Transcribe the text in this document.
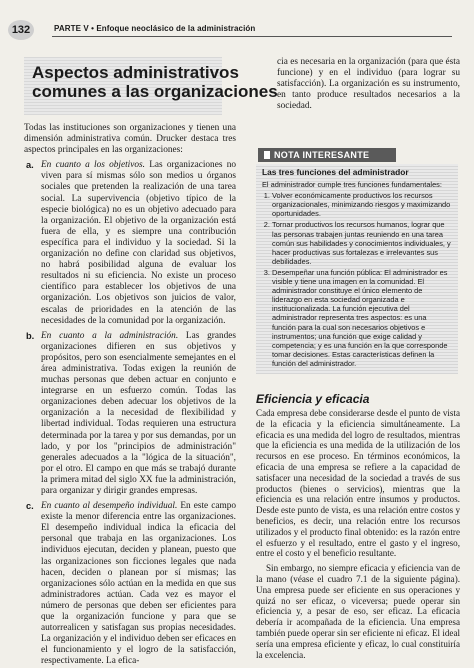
132	PARTE V • Enfoque neoclásico de la administración
Aspectos administrativos
comunes a las organizaciones

Todas las instituciones son organizaciones y tienen una dimensión administrativa común. Drucker destaca tres aspectos principales en las organizaciones:

a. En cuanto a los objetivos. Las organizaciones no viven para sí mismas sólo son medios u órganos sociales que pretenden la realización de una tarea social. La supervivencia (objetivo típico de la especie biológica) no es un objetivo adecuado para la organización. El objetivo de la organización está fuera de ella, y es siempre una contribución específica para el individuo y la sociedad. Si la organización no define con claridad sus objetivos, no habrá posibilidad alguna de evaluar los resultados ni su eficiencia. No existe un proceso científico para establecer los objetivos de una organización. Los objetivos son juicios de valor, escalas de prioridades en la atención de las necesidades de la comunidad por la organización.
b. En cuanto a la administración. Las grandes organizaciones difieren en sus objetivos y propósitos, pero son esencialmente semejantes en el área administrativa. Todas exigen la reunión de muchas personas que deben actuar en conjunto e integrarse en un esfuerzo común. Todas las organizaciones deben adecuar los objetivos de la organización a la necesidad de flexibilidad y libertad individual. Todas requieren una estructura determinada por la tarea y por sus demandas, por un lado, y por los "principios de administración" generales adecuados a la "lógica de la situación", por el otro. El campo en que más se trabajó durante la primera mitad del siglo XX fue la administración, para organizar y dirigir grandes empresas.
c. En cuanto al desempeño individual. En este campo existe la menor diferencia entre las organizaciones. El desempeño individual indica la eficacia del personal que trabaja en las organizaciones. Los individuos ejecutan, deciden y planean, puesto que las organizaciones son ficciones legales que nada hacen, deciden o planean por sí mismas; las organizaciones sólo actúan en la medida en que sus administradores actúan. Cada vez es mayor el número de personas que deben ser eficientes para que la organización funcione y para que se autorrealicen y satisfagan sus propias necesidades. La organización y el individuo deben ser eficaces en el funcionamiento y el logro de la satisfacción, respectivamente. La efica-
cia es necesaria en la organización (para que ésta funcione) y en el individuo (para lograr su satisfacción). La organización es su instrumento, en tanto produce resultados necesarios a la sociedad.
NOTA INTERESANTE
Las tres funciones del administrador
El administrador cumple tres funciones fundamentales:
1. Volver económicamente productivos los recursos organizacionales, minimizando riesgos y maximizando oportunidades.
2. Tornar productivos los recursos humanos, lograr que las personas trabajen juntas reuniendo en una tarea común sus habilidades y conocimientos individuales, y hacer productivas sus fortalezas e irrelevantes sus debilidades.
3. Desempeñar una función pública: El administrador es visible y tiene una imagen en la comunidad. El administrador constituye el único elemento de liderazgo en esta sociedad organizada e institucionalizada. La función ejecutiva del administrador representa tres aspectos: es una función para la cual son necesarios objetivos e instrumentos; una función que exige calidad y competencia; y es una función en la que corresponde tomar decisiones. Estas características definen la función del administrador.
Eficiencia y eficacia

Cada empresa debe considerarse desde el punto de vista de la eficacia y la eficiencia simultáneamente. La eficacia es una medida del logro de resultados, mientras que la eficiencia es una medida de la utilización de los recursos en ese proceso. En términos económicos, la eficacia de una empresa se refiere a la capacidad de satisfacer una necesidad de la sociedad a través de sus productos (bienes o servicios), mientras que la eficiencia es una relación entre insumos y productos. Desde este punto de vista, es una relación entre costos y beneficios, es decir, una relación entre los recursos utilizados y el producto final obtenido: es la razón entre el esfuerzo y el resultado, entre el gasto y el ingreso, entre el costo y el beneficio resultante.

Sin embargo, no siempre eficacia y eficiencia van de la mano (véase el cuadro 7.1 de la siguiente página). Una empresa puede ser eficiente en sus operaciones y quizá no ser eficaz, o viceversa; puede operar sin eficiencia y, a pesar de eso, ser eficaz. La eficacia debería ir acompañada de la eficiencia. Una empresa también puede operar sin ser eficiente ni eficaz. El ideal sería una empresa eficiente y eficaz, lo cual constituiría la excelencia.
